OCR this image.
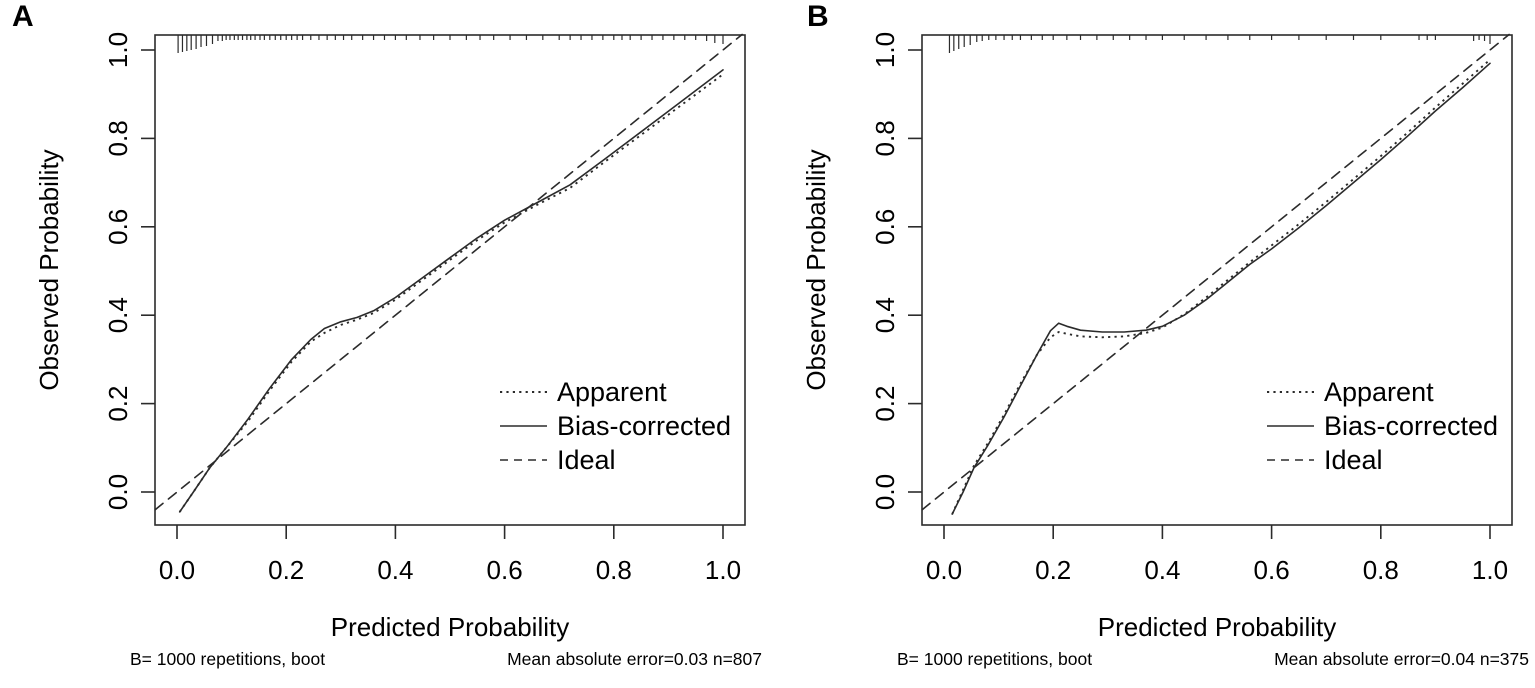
A
0.0	0.2	0.4	0.6	0.8	1.0
0.0
0.2
0.4
0.6
0.8
1.0
Predicted Probability
Observed Probability
Apparent
Bias-corrected
Ideal
B= 1000 repetitions, boot	Mean absolute error=0.03 n=807
B
0.0	0.2	0.4	0.6	0.8	1.0
0.0
0.2
0.4
0.6
0.8
1.0
Predicted Probability
Observed Probability
Apparent
Bias-corrected
Ideal
B= 1000 repetitions, boot	Mean absolute error=0.04 n=375
